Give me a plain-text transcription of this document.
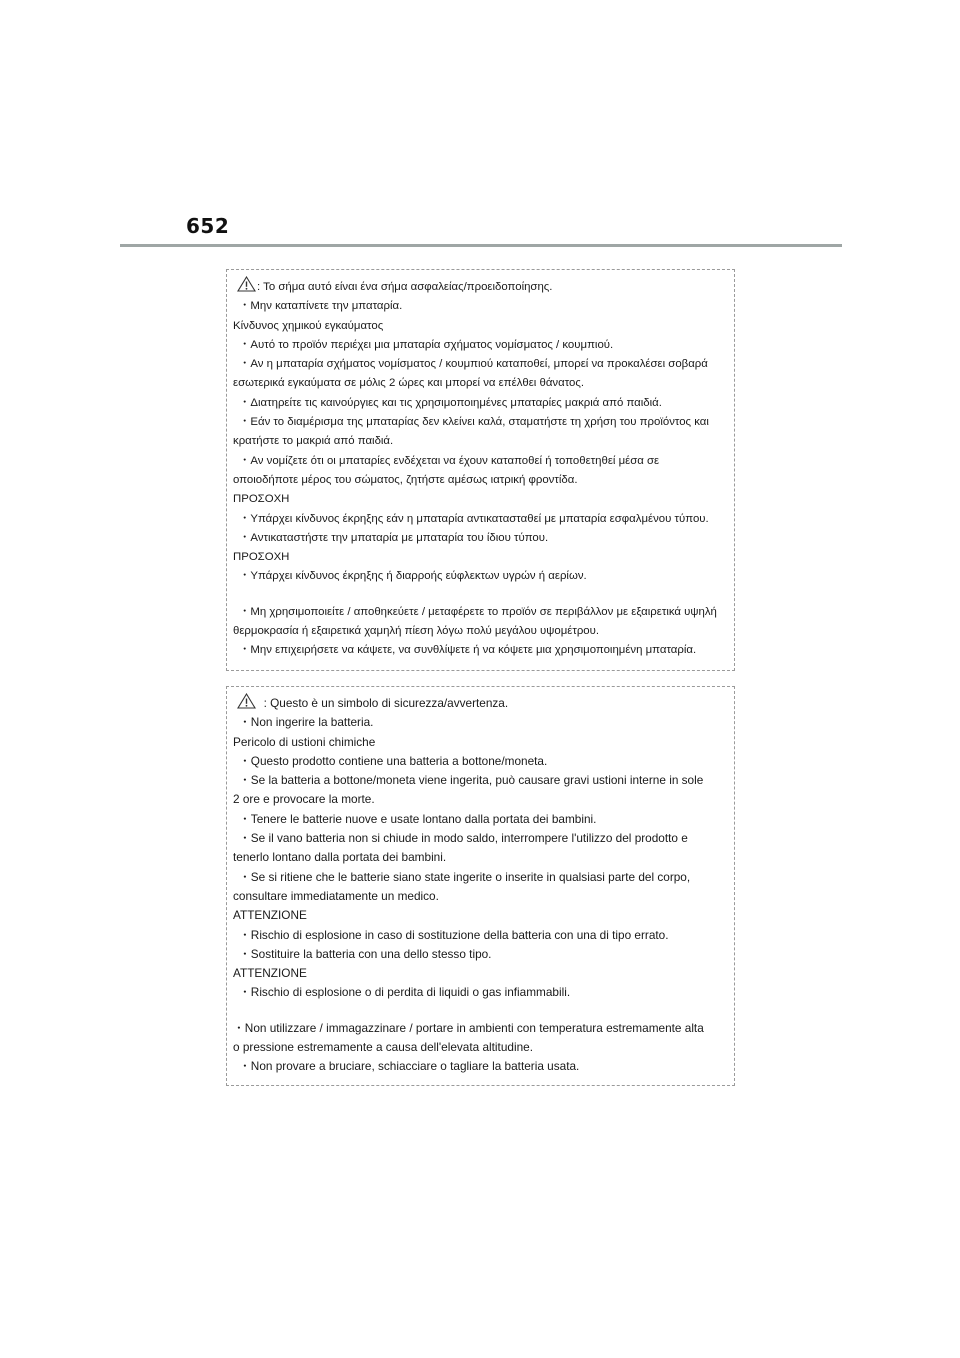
652

: Το σήμα αυτό είναι ένα σήμα ασφαλείας/προειδοποίησης.

・Μην καταπίνετε την μπαταρία.

Κίνδυνος χημικού εγκαύματος

・Αυτό το προϊόν περιέχει μια μπαταρία σχήματος νομίσματος / κουμπιού.

・Αν η μπαταρία σχήματος νομίσματος / κουμπιού καταποθεί, μπορεί να προκαλέσει σοβαρά

εσωτερικά εγκαύματα σε μόλις 2 ώρες και μπορεί να επέλθει θάνατος.

・Διατηρείτε τις καινούργιες και τις χρησιμοποιημένες μπαταρίες μακριά από παιδιά.

・Εάν το διαμέρισμα της μπαταρίας δεν κλείνει καλά, σταματήστε τη χρήση του προϊόντος και

κρατήστε το μακριά από παιδιά.

・Αν νομίζετε ότι οι μπαταρίες ενδέχεται να έχουν καταποθεί ή τοποθετηθεί μέσα σε

οποιοδήποτε μέρος του σώματος, ζητήστε αμέσως ιατρική φροντίδα.

ΠΡΟΣΟΧΗ

・Υπάρχει κίνδυνος έκρηξης εάν η μπαταρία αντικατασταθεί με μπαταρία εσφαλμένου τύπου.

・Αντικαταστήστε την μπαταρία με μπαταρία του ίδιου τύπου.

ΠΡΟΣΟΧΗ

・Υπάρχει κίνδυνος έκρηξης ή διαρροής εύφλεκτων υγρών ή αερίων.

・Μη χρησιμοποιείτε / αποθηκεύετε / μεταφέρετε το προϊόν σε περιβάλλον με εξαιρετικά υψηλή

θερμοκρασία ή εξαιρετικά χαμηλή πίεση λόγω πολύ μεγάλου υψομέτρου.

・Μην επιχειρήσετε να κάψετε, να συνθλίψετε ή να κόψετε μια χρησιμοποιημένη μπαταρία.

: Questo è un simbolo di sicurezza/avvertenza.

・Non ingerire la batteria.

Pericolo di ustioni chimiche

・Questo prodotto contiene una batteria a bottone/moneta.

・Se la batteria a bottone/moneta viene ingerita, può causare gravi ustioni interne in sole

2 ore e provocare la morte.

・Tenere le batterie nuove e usate lontano dalla portata dei bambini.

・Se il vano batteria non si chiude in modo saldo, interrompere l'utilizzo del prodotto e

tenerlo lontano dalla portata dei bambini.

・Se si ritiene che le batterie siano state ingerite o inserite in qualsiasi parte del corpo,

consultare immediatamente un medico.

ATTENZIONE

・Rischio di esplosione in caso di sostituzione della batteria con una di tipo errato.

・Sostituire la batteria con una dello stesso tipo.

ATTENZIONE

・Rischio di esplosione o di perdita di liquidi o gas infiammabili.

・Non utilizzare / immagazzinare / portare in ambienti con temperatura estremamente alta

o pressione estremamente a causa dell'elevata altitudine.

・Non provare a bruciare, schiacciare o tagliare la batteria usata.
